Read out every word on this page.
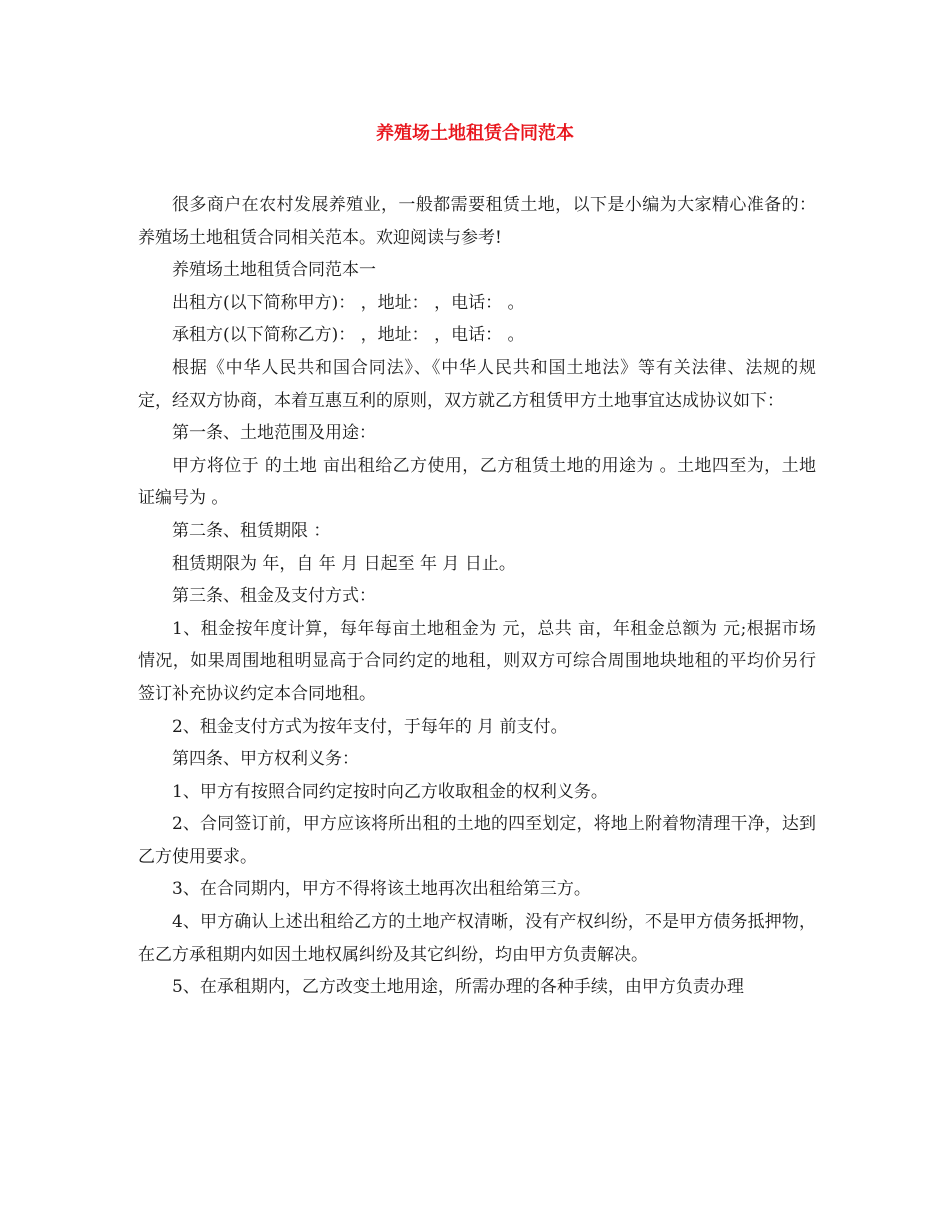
养殖场土地租赁合同范本

很多商户在农村发展养殖业，一般都需要租赁土地，以下是小编为大家精心准备的：养殖场土地租赁合同相关范本。欢迎阅读与参考!

养殖场土地租赁合同范本一

出租方(以下简称甲方)： ，地址： ，电话： 。

承租方(以下简称乙方)： ，地址： ，电话： 。

根据《中华人民共和国合同法》、《中华人民共和国土地法》等有关法律、法规的规定，经双方协商，本着互惠互利的原则，双方就乙方租赁甲方土地事宜达成协议如下：

第一条、土地范围及用途：

甲方将位于 的土地 亩出租给乙方使用，乙方租赁土地的用途为 。土地四至为，土地证编号为 。

第二条、租赁期限 ：

租赁期限为 年，自 年 月 日起至 年 月 日止。

第三条、租金及支付方式：

1、租金按年度计算，每年每亩土地租金为 元，总共 亩，年租金总额为 元;根据市场情况，如果周围地租明显高于合同约定的地租，则双方可综合周围地块地租的平均价另行签订补充协议约定本合同地租。

2、租金支付方式为按年支付，于每年的 月 前支付。

第四条、甲方权利义务：

1、甲方有按照合同约定按时向乙方收取租金的权利义务。

2、合同签订前，甲方应该将所出租的土地的四至划定，将地上附着物清理干净，达到乙方使用要求。

3、在合同期内，甲方不得将该土地再次出租给第三方。

4、甲方确认上述出租给乙方的土地产权清晰，没有产权纠纷，不是甲方债务抵押物，在乙方承租期内如因土地权属纠纷及其它纠纷，均由甲方负责解决。

5、在承租期内，乙方改变土地用途，所需办理的各种手续，由甲方负责办理
